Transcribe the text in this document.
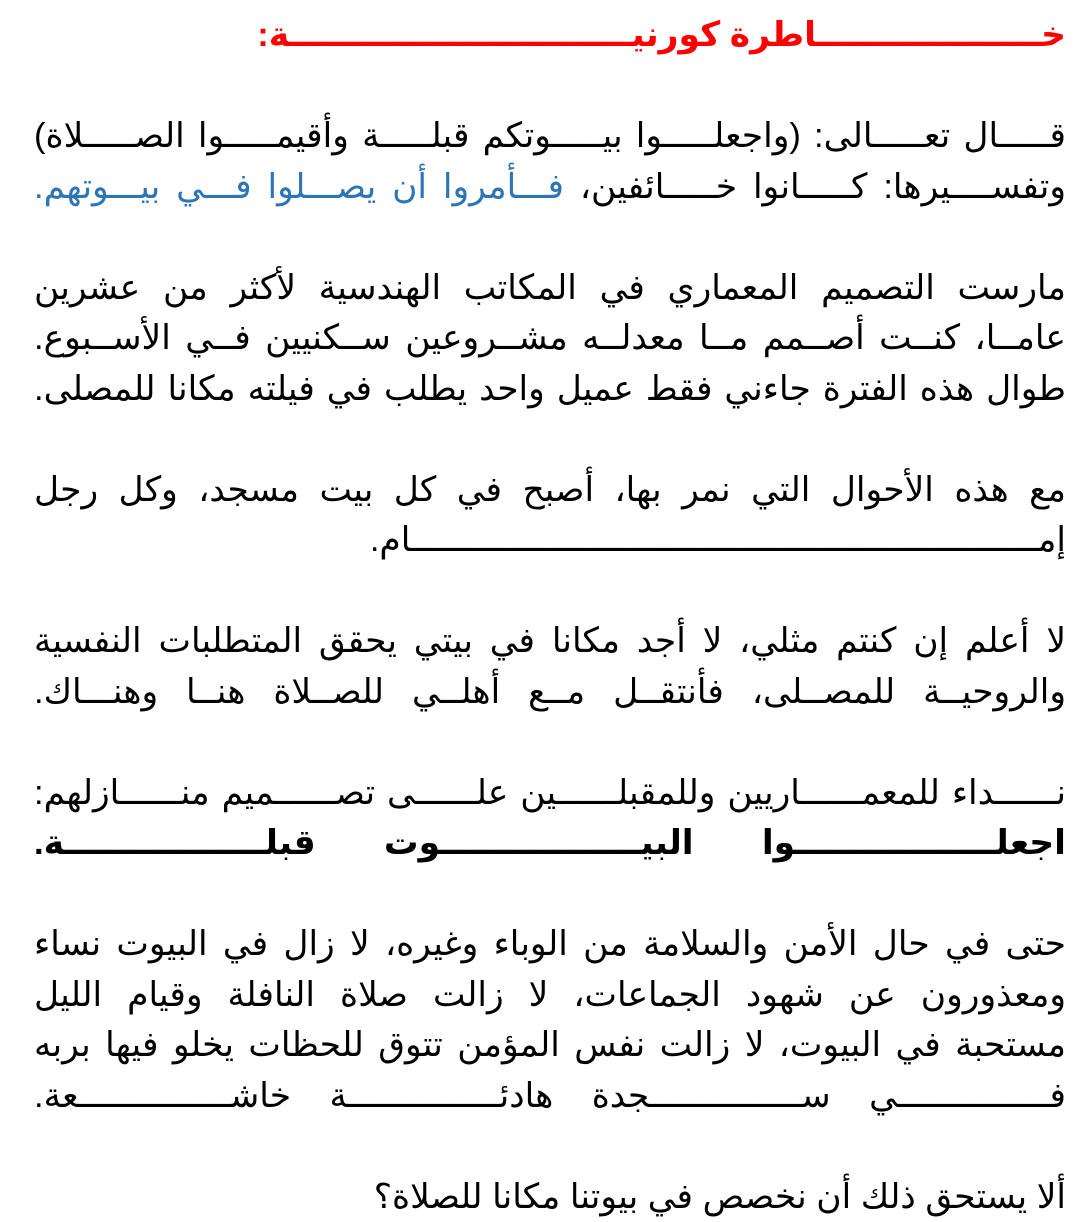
خـــــــــــــــــــاطرة كورنيـــــــــــــــــــــــــــــة:
قـــــال تعـــــالى: (واجعلـــــوا بيـــــوتكم قبلـــــة وأقيمـــــوا الصـــــلاة)
وتفســــيرها: كـــــانوا خـــــائفين، فـــأمروا أن يصـــلوا فـــي بيـــوتهم.
مارست التصميم المعماري في المكاتب الهندسية لأكثر من عشرين
عامــا، كنــت أصــمم مــا معدلــه مشــروعين ســكنيين فــي الأســبوع.
طوال هذه الفترة جاءني فقط عميل واحد يطلب في فيلته مكانا للمصلى.
مع هذه الأحوال التي نمر بها، أصبح في كل بيت مسجد، وكل رجل
إمــــــــــــــــــــــــــــــــــــــــــــــــــــــــــــــام.
لا أعلم إن كنتم مثلي، لا أجد مكانا في بيتي يحقق المتطلبات النفسية
والروحيــة للمصــلى، فأنتقــل مــع أهلــي للصــلاة هنــا وهنـــاك.
نــــــداء للمعمــــــاريين وللمقبلــــــين علــــــى تصــــــميم منــــــازلهم:
اجعلـــــــــــــــــوا البيـــــــــــــــــوت قبلـــــــــــــــــة.
حتى في حال الأمن والسلامة من الوباء وغيره، لا زال في البيوت نساء
ومعذورون عن شهود الجماعات، لا زالت صلاة النافلة وقيام الليل
مستحبة في البيوت، لا زالت نفس المؤمن تتوق للحظات يخلو فيها بربه
فـــــــــــــــي ســـــــــــــــجدة هادئـــــــــــــــة خاشـــــــــــــــعة.
ألا يستحق ذلك أن نخصص في بيوتنا مكانا للصلاة؟
